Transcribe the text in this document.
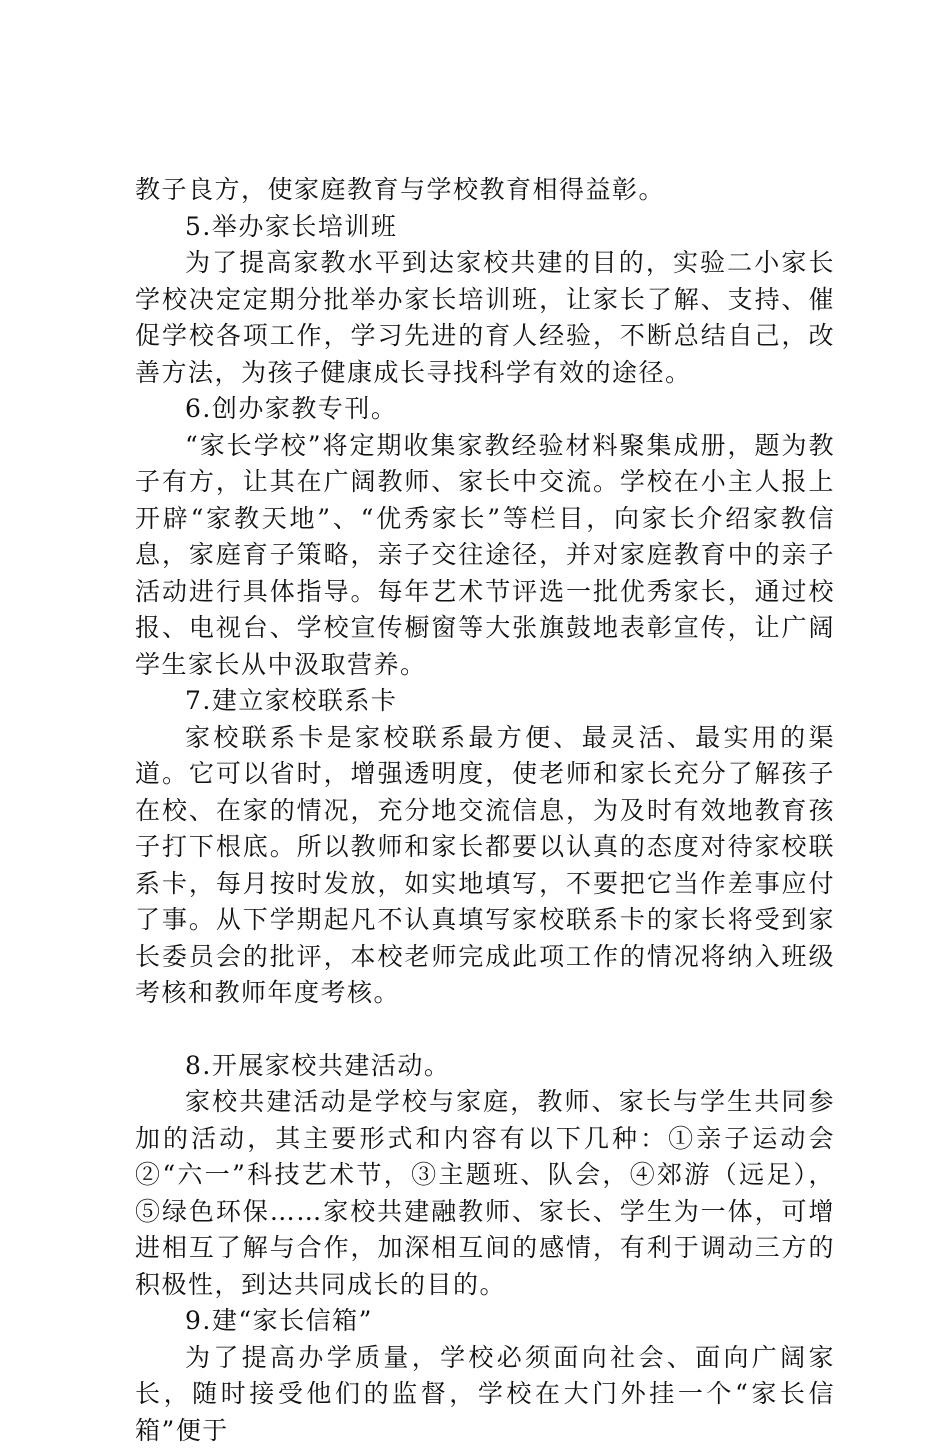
教子良方，使家庭教育与学校教育相得益彰。

5.举办家长培训班

为了提高家教水平到达家校共建的目的，实验二小家长学校决定定期分批举办家长培训班，让家长了解、支持、催促学校各项工作，学习先进的育人经验，不断总结自己，改善方法，为孩子健康成长寻找科学有效的途径。

6.创办家教专刊。

“家长学校”将定期收集家教经验材料聚集成册，题为教子有方，让其在广阔教师、家长中交流。学校在小主人报上开辟“家教天地”、“优秀家长”等栏目，向家长介绍家教信息，家庭育子策略，亲子交往途径，并对家庭教育中的亲子活动进行具体指导。每年艺术节评选一批优秀家长，通过校报、电视台、学校宣传橱窗等大张旗鼓地表彰宣传，让广阔学生家长从中汲取营养。

7.建立家校联系卡

家校联系卡是家校联系最方便、最灵活、最实用的渠道。它可以省时，增强透明度，使老师和家长充分了解孩子在校、在家的情况，充分地交流信息，为及时有效地教育孩子打下根底。所以教师和家长都要以认真的态度对待家校联系卡，每月按时发放，如实地填写，不要把它当作差事应付了事。从下学期起凡不认真填写家校联系卡的家长将受到家长委员会的批评，本校老师完成此项工作的情况将纳入班级考核和教师年度考核。

8.开展家校共建活动。

家校共建活动是学校与家庭，教师、家长与学生共同参加的活动，其主要形式和内容有以下几种：①亲子运动会②“六一”科技艺术节，③主题班、队会，④郊游（远足），⑤绿色环保……家校共建融教师、家长、学生为一体，可增进相互了解与合作，加深相互间的感情，有利于调动三方的积极性，到达共同成长的目的。

9.建“家长信箱”

为了提高办学质量，学校必须面向社会、面向广阔家长，随时接受他们的监督，学校在大门外挂一个“家长信箱”便于
